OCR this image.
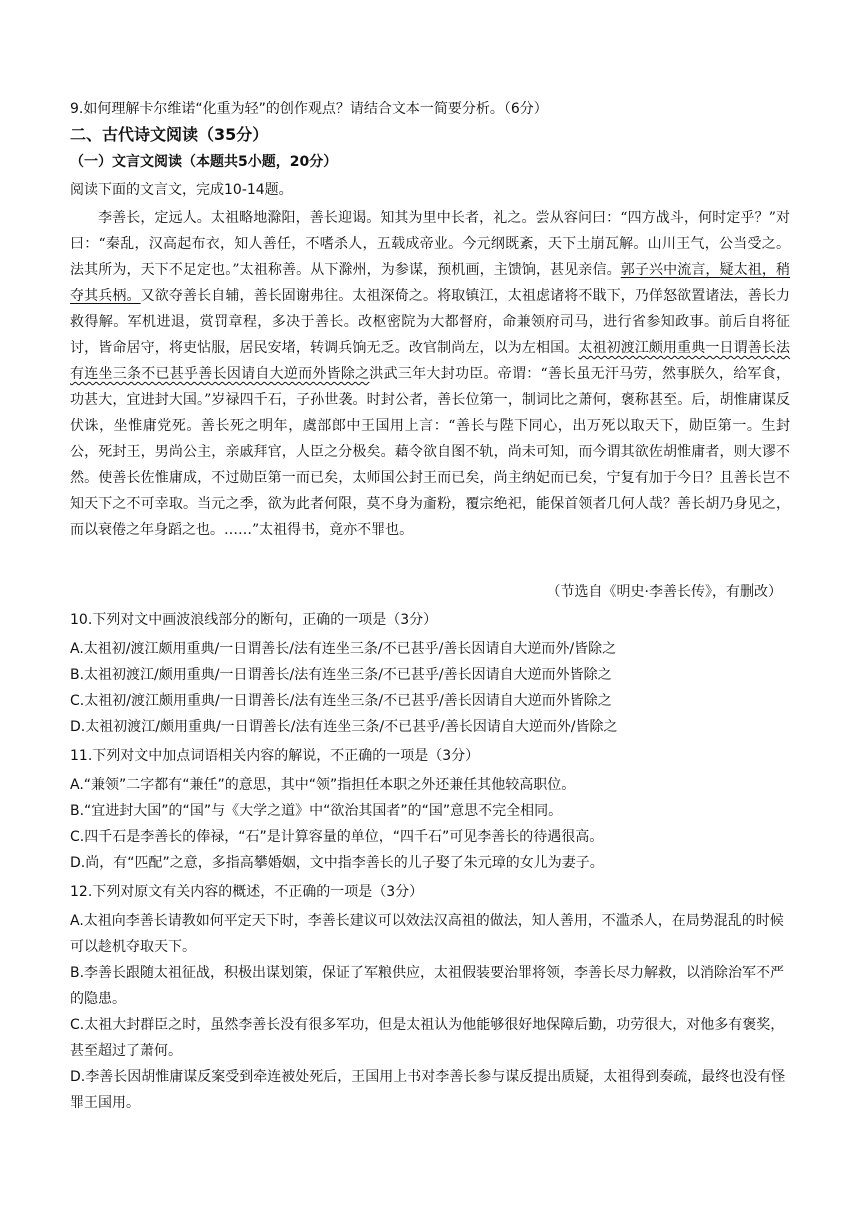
9.如何理解卡尔维诺“化重为轻”的创作观点？请结合文本一简要分析。（6分）
二、古代诗文阅读（35分）
（一）文言文阅读（本题共5小题，20分）
阅读下面的文言文，完成10-14题。

李善长，定远人。太祖略地滁阳，善长迎谒。知其为里中长者，礼之。尝从容问曰：“四方战斗，何时定乎？”对曰：“秦乱，汉高起布衣，知人善任，不嗜杀人，五载成帝业。今元纲既紊，天下土崩瓦解。山川王气，公当受之。法其所为，天下不足定也。”太祖称善。从下滁州，为参谋，预机画，主馈饷，甚见亲信。郭子兴中流言，疑太祖，稍夺其兵柄。又欲夺善长自辅，善长固谢弗往。太祖深倚之。将取镇江，太祖虑诸将不戢下，乃佯怒欲置诸法，善长力救得解。军机进退，赏罚章程，多决于善长。改枢密院为大都督府，命兼领府司马，进行省参知政事。前后自将征讨，皆命居守，将吏怗服，居民安堵，转调兵饷无乏。改官制尚左，以为左相国。太祖初渡江颇用重典一日谓善长法有连坐三条不已甚乎善长因请自大逆而外皆除之洪武三年大封功臣。帝谓：“善长虽无汗马劳，然事朕久，给军食，功甚大，宜进封大国。”岁禄四千石，子孙世袭。时封公者，善长位第一，制词比之萧何，褒称甚至。后，胡惟庸谋反伏诛，坐惟庸党死。善长死之明年，虞部郎中王国用上言：“善长与陛下同心，出万死以取天下，勋臣第一。生封公，死封王，男尚公主，亲戚拜官，人臣之分极矣。藉令欲自图不轨，尚未可知，而今谓其欲佐胡惟庸者，则大谬不然。使善长佐惟庸成，不过勋臣第一而已矣，太师国公封王而已矣，尚主纳妃而已矣，宁复有加于今日？且善长岂不知天下之不可幸取。当元之季，欲为此者何限，莫不身为齑粉，覆宗绝祀，能保首领者几何人哉？善长胡乃身见之，而以衰倦之年身蹈之也。……”太祖得书，竟亦不罪也。

（节选自《明史·李善长传》，有删改）
10.下列对文中画波浪线部分的断句，正确的一项是（3分）
A.太祖初/渡江颇用重典/一日谓善长/法有连坐三条/不已甚乎/善长因请自大逆而外/皆除之
B.太祖初渡江/颇用重典/一日谓善长/法有连坐三条/不已甚乎/善长因请自大逆而外皆除之
C.太祖初/渡江颇用重典/一日谓善长/法有连坐三条/不已甚乎/善长因请自大逆而外皆除之
D.太祖初渡江/颇用重典/一日谓善长/法有连坐三条/不已甚乎/善长因请自大逆而外/皆除之
11.下列对文中加点词语相关内容的解说，不正确的一项是（3分）
A.“兼领”二字都有“兼任”的意思，其中“领”指担任本职之外还兼任其他较高职位。
B.“宜进封大国”的“国”与《大学之道》中“欲治其国者”的“国”意思不完全相同。
C.四千石是李善长的俸禄，“石”是计算容量的单位，“四千石”可见李善长的待遇很高。
D.尚，有“匹配”之意，多指高攀婚姻，文中指李善长的儿子娶了朱元璋的女儿为妻子。
12.下列对原文有关内容的概述，不正确的一项是（3分）
A.太祖向李善长请教如何平定天下时，李善长建议可以效法汉高祖的做法，知人善用，不滥杀人，在局势混乱的时候可以趁机夺取天下。
B.李善长跟随太祖征战，积极出谋划策，保证了军粮供应，太祖假装要治罪将领，李善长尽力解救，以消除治军不严的隐患。
C.太祖大封群臣之时，虽然李善长没有很多军功，但是太祖认为他能够很好地保障后勤，功劳很大，对他多有褒奖，甚至超过了萧何。
D.李善长因胡惟庸谋反案受到牵连被处死后，王国用上书对李善长参与谋反提出质疑，太祖得到奏疏，最终也没有怪罪王国用。
